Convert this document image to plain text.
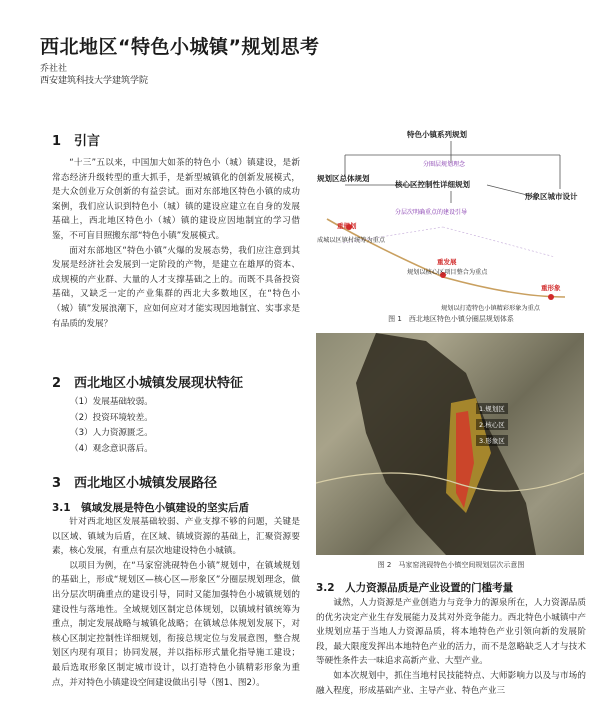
西北地区“特色小城镇”规划思考
乔社社
西安建筑科技大学建筑学院
1　引言

“十三”五以来，中国加大如茶的特色小（城）镇建设，是新常态经济升级转型的重大抓手，是新型城镇化的创新发展模式，是大众创业万众创新的有益尝试。面对东部地区特色小镇的成功案例，我们应认识到特色小（城）镇的建设应建立在自身的发展基础上，西北地区特色小（城）镇的建设应因地制宜的学习借鉴，不可盲目照搬东部“特色小镇”发展模式。

面对东部地区“特色小镇”火爆的发展态势，我们应注意到其发展是经济社会发展到一定阶段的产物，是建立在雄厚的资本、成规模的产业群、大量的人才支撑基础之上的。而既不具备投资基础，又缺乏一定的产业集群的西北大多数地区，在“特色小（城）镇”发展浪潮下，应如何应对才能实现因地制宜、实事求是有品质的发展？

2　西北地区小城镇发展现状特征
（1）发展基础较弱。
（2）投资环境较差。
（3）人力资源匮乏。
（4）观念意识落后。
3　西北地区小城镇发展路径
3.1　镇域发展是特色小镇建设的坚实后盾

针对西北地区发展基础较弱、产业支撑不够的问题，关键是以区域、镇域为后盾，在区域、镇域资源的基础上，汇聚资源要素，核心发展，有重点有层次地建设特色小城镇。

以项目为例，在“马家窑洮砚特色小镇”规划中，在镇域规划的基础上，形成“规划区—核心区—形象区”分圈层规划理念，做出分层次明确重点的建设引导，同时又能加强特色小城镇规划的建设性与落地性。全域规划区制定总体规划，以镇域村镇统筹为重点，制定发展战略与城镇化战略；在镇域总体规划发展下，对核心区制定控制性详细规划，衔接总规定位与发展意图，整合规划区内现有项目；协同发展，并以指标形式量化指导施工建设；最后选取形象区制定城市设计，以打造特色小镇精彩形象为重点，并对特色小镇建设空间建设做出引导（图1、图2）。

特色小镇系列规划
分圈层规划理念
规划区总体规划
核心区控制性详细规划
形象区城市设计
分层次明确重点的建设引导
重规划
成城以区镇村统筹为重点
重发展
规划以核心区项目整合为重点
重形象
规划以打造特色小镇精彩形象为重点
图 1　西北地区特色小镇分圈层规划体系
1.规划区
2.核心区
3.形象区
图 2　马家窑洮砚特色小镇空间规划层次示意图
3.2　人力资源品质是产业设置的门槛考量

诚然，人力资源是产业创造力与竞争力的源泉所在，人力资源品质的优劣决定产业生存发展能力及其对外竞争能力。西北特色小城镇中产业规划应基于当地人力资源品质，将本地特色产业引领向新的发展阶段，最大限度发挥出本地特色产业的活力，而不是忽略缺乏人才与技术等硬性条件去一味追求高新产业、大型产业。

如本次规划中，抓住当地村民技能特点、大师影响力以及与市场的融入程度，形成基础产业、主导产业、特色产业三
